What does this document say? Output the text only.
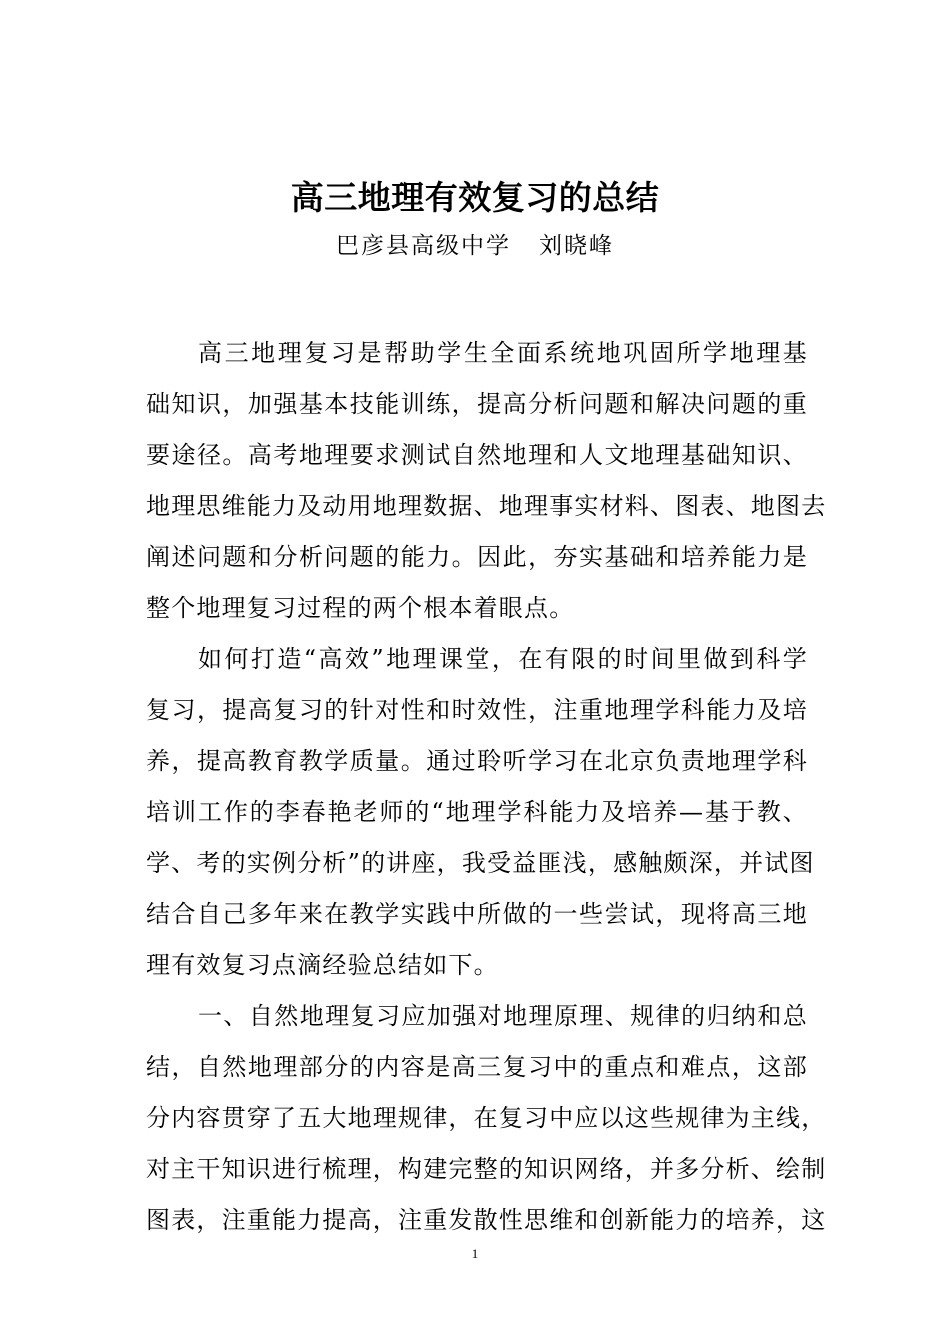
高三地理有效复习的总结
巴彦县高级中学   刘晓峰
高三地理复习是帮助学生全面系统地巩固所学地理基
础知识，加强基本技能训练，提高分析问题和解决问题的重
要途径。高考地理要求测试自然地理和人文地理基础知识、
地理思维能力及动用地理数据、地理事实材料、图表、地图去
阐述问题和分析问题的能力。因此，夯实基础和培养能力是
整个地理复习过程的两个根本着眼点。
如何打造“高效”地理课堂，在有限的时间里做到科学
复习，提高复习的针对性和时效性，注重地理学科能力及培
养，提高教育教学质量。通过聆听学习在北京负责地理学科
培训工作的李春艳老师的“地理学科能力及培养—基于教、
学、考的实例分析”的讲座，我受益匪浅，感触颇深，并试图
结合自己多年来在教学实践中所做的一些尝试，现将高三地
理有效复习点滴经验总结如下。
一、自然地理复习应加强对地理原理、规律的归纳和总
结，自然地理部分的内容是高三复习中的重点和难点，这部
分内容贯穿了五大地理规律，在复习中应以这些规律为主线，
对主干知识进行梳理，构建完整的知识网络，并多分析、绘制
图表，注重能力提高，注重发散性思维和创新能力的培养，这
1
